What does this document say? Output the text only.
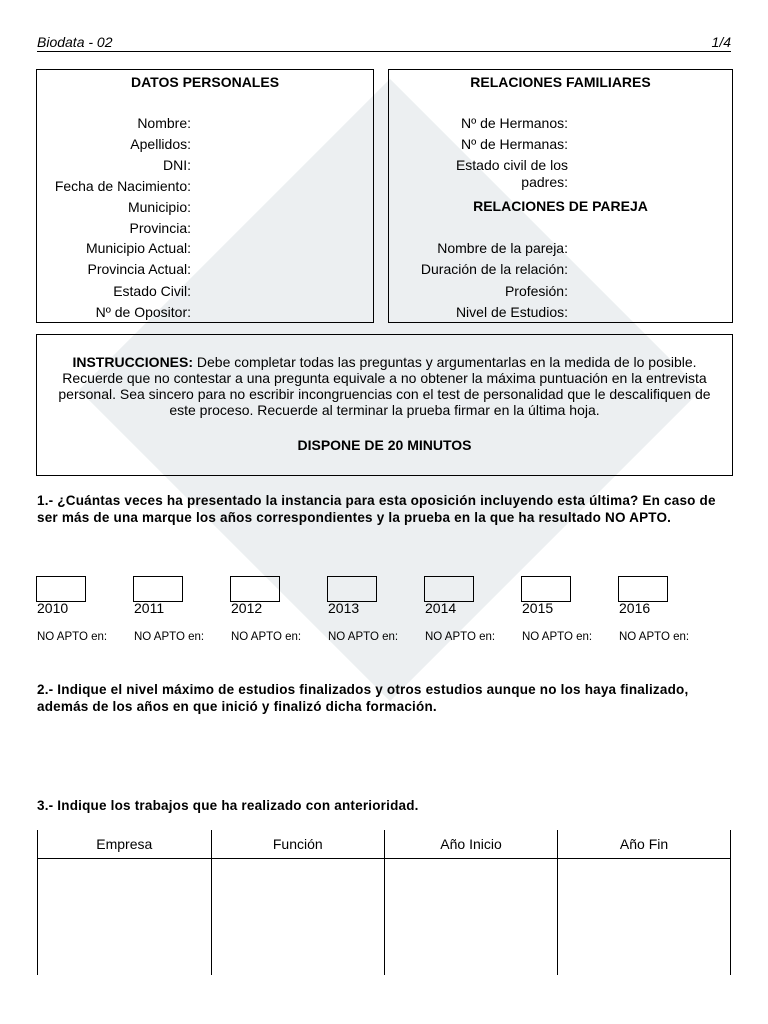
Biodata - 02	1/4
DATOS PERSONALES
Nombre:
Apellidos:
DNI:
Fecha de Nacimiento:
Municipio:
Provincia:
Municipio Actual:
Provincia Actual:
Estado Civil:
Nº de Opositor:
RELACIONES FAMILIARES
Nº de Hermanos:
Nº de Hermanas:
Estado civil de los
padres:
RELACIONES DE PAREJA
Nombre de la pareja:
Duración de la relación:
Profesión:
Nivel de Estudios:
INSTRUCCIONES: Debe completar todas las preguntas y argumentarlas en la medida de lo posible. Recuerde que no contestar a una pregunta equivale a no obtener la máxima puntuación en la entrevista personal. Sea sincero para no escribir incongruencias con el test de personalidad que le descalifiquen de este proceso. Recuerde al terminar la prueba firmar en la última hoja.
DISPONE DE 20 MINUTOS
1.- ¿Cuántas veces ha presentado la instancia para esta oposición incluyendo esta última? En caso de ser más de una marque los años correspondientes y la prueba en la que ha resultado NO APTO.
2010	2011	2012	2013	2014	2015	2016
NO APTO en: NO APTO en: NO APTO en: NO APTO en: NO APTO en: NO APTO en: NO APTO en:
2.- Indique el nivel máximo de estudios finalizados y otros estudios aunque no los haya finalizado, además de los años en que inició y finalizó dicha formación.
3.- Indique los trabajos que ha realizado con anterioridad.
Empresa	Función	Año Inicio	Año Fin
